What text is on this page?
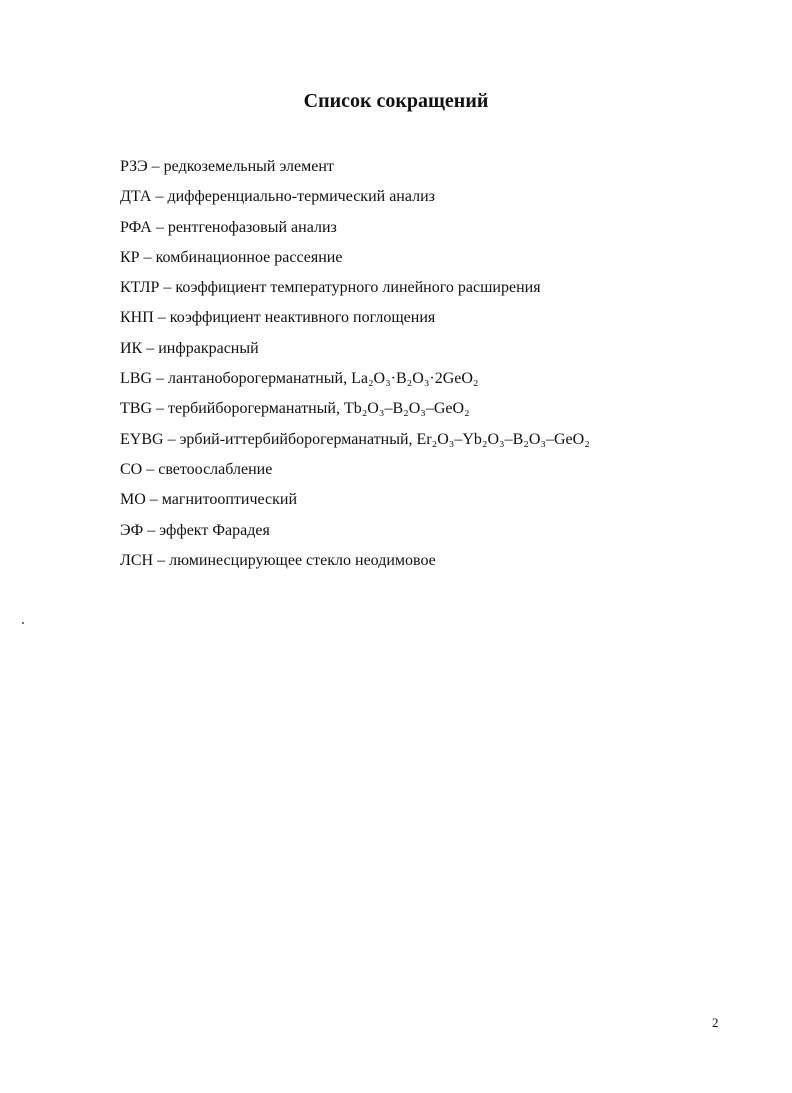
Список сокращений
РЗЭ – редкоземельный элемент
ДТА – дифференциально-термический анализ
РФА – рентгенофазовый анализ
КР – комбинационное рассеяние
КТЛР – коэффициент температурного линейного расширения
КНП – коэффициент неактивного поглощения
ИК – инфракрасный
LBG – лантаноборогерманатный, La₂O₃·B₂O₃·2GeO₂
TBG – тербийборогерманатный, Tb₂O₃–B₂O₃–GeO₂
EYBG – эрбий-иттербийборогерманатный, Er₂O₃–Yb₂O₃–B₂O₃–GeO₂
СО – светоослабление
МО – магнитооптический
ЭФ – эффект Фарадея
ЛСН – люминесцирующее стекло неодимовое
2
